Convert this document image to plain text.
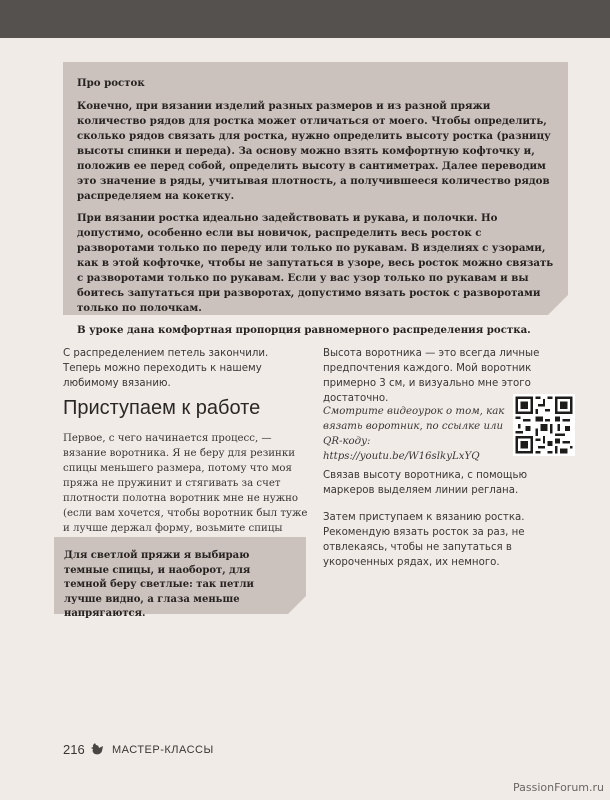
Про росток

Конечно, при вязании изделий разных размеров и из разной пряжи количество рядов для ростка может отличаться от моего. Чтобы определить, сколько рядов связать для ростка, нужно определить высоту ростка (разницу высоты спинки и переда). За основу можно взять комфортную кофточку и, положив ее перед собой, определить высоту в сантиметрах. Далее переводим это значение в ряды, учитывая плотность, а получившееся количество рядов распределяем на кокетку.

При вязании ростка идеально задействовать и рукава, и полочки. Но допустимо, особенно если вы новичок, распределить весь росток с разворотами только по переду или только по рукавам. В изделиях с узорами, как в этой кофточке, чтобы не запутаться в узоре, весь росток можно связать с разворотами только по рукавам. Если у вас узор только по рукавам и вы боитесь запутаться при разворотах, допустимо вязать росток с разворотами только по полочкам.

В уроке дана комфортная пропорция равномерного распределения ростка.

С распределением петель закончили. Теперь можно переходить к нашему любимому вязанию.
Приступаем к работе
Первое, с чего начинается процесс, — вязание воротника. Я не беру для резинки спицы меньшего размера, потому что моя пряжа не пружинит и стягивать за счет плотности полотна воротник мне не нужно (если вам хочется, чтобы воротник был туже и лучше держал форму, возьмите спицы
Для светлой пряжи я выбираю темные спицы, и наоборот, для темной беру светлые: так петли лучше видно, а глаза меньше напрягаются.
Высота воротника — это всегда личные предпочтения каждого. Мой воротник примерно 3 см, и визуально мне этого достаточно.
Смотрите видеоурок о том, как вязать воротник, по ссылке или QR-коду: https://youtu.be/W16slkyLxYQ
Связав высоту воротника, с помощью маркеров выделяем линии реглана.
Затем приступаем к вязанию ростка. Рекомендую вязать росток за раз, не отвлекаясь, чтобы не запутаться в укороченных рядах, их немного.
216 МАСТЕР-КЛАССЫ
PassionForum.ru
